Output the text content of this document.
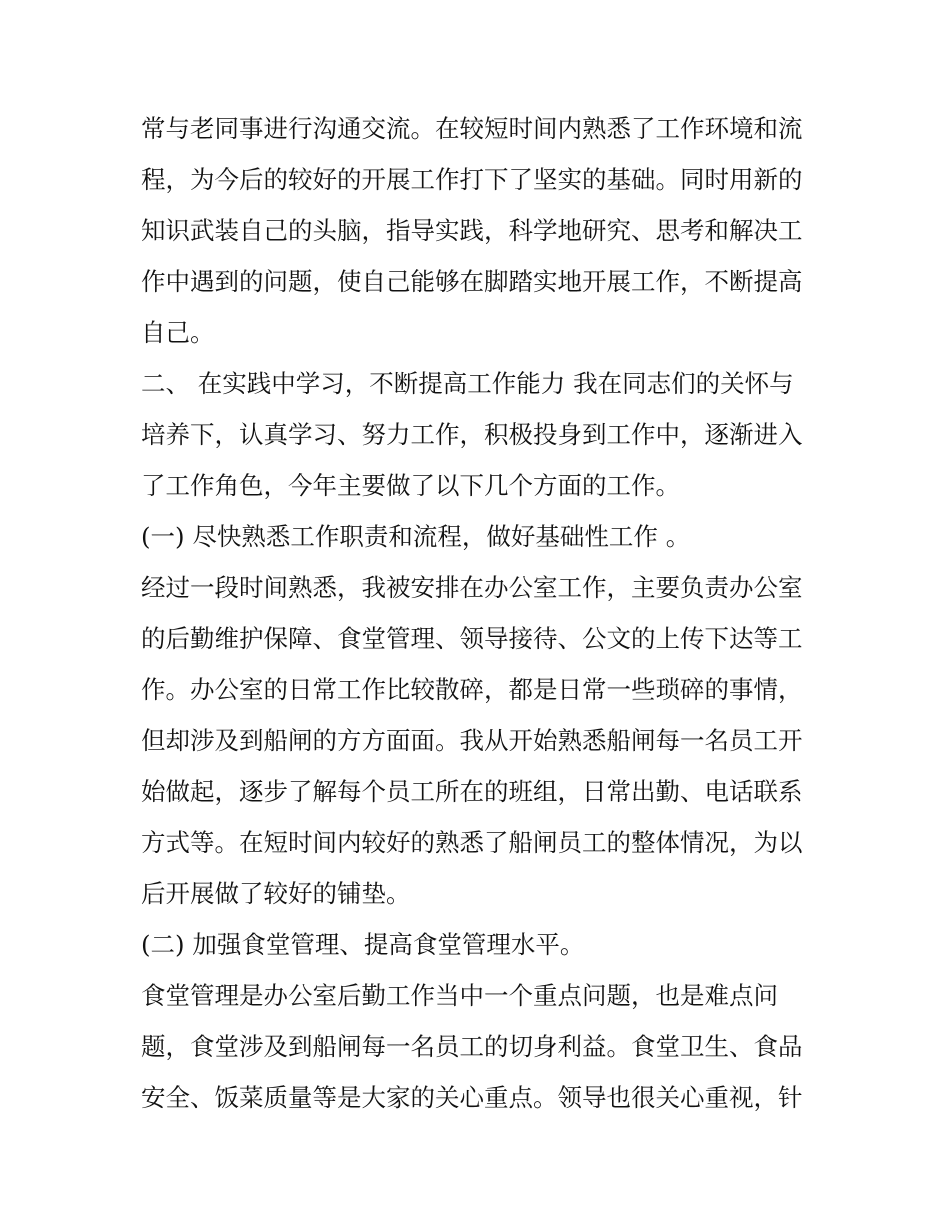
常与老同事进行沟通交流。在较短时间内熟悉了工作环境和流
程，为今后的较好的开展工作打下了坚实的基础。同时用新的
知识武装自己的头脑，指导实践，科学地研究、思考和解决工
作中遇到的问题，使自己能够在脚踏实地开展工作，不断提高
自己。
二、 在实践中学习，不断提高工作能力 我在同志们的关怀与
培养下，认真学习、努力工作，积极投身到工作中，逐渐进入
了工作角色，今年主要做了以下几个方面的工作。
(一) 尽快熟悉工作职责和流程，做好基础性工作 。
经过一段时间熟悉，我被安排在办公室工作，主要负责办公室
的后勤维护保障、食堂管理、领导接待、公文的上传下达等工
作。办公室的日常工作比较散碎，都是日常一些琐碎的事情，
但却涉及到船闸的方方面面。我从开始熟悉船闸每一名员工开
始做起，逐步了解每个员工所在的班组，日常出勤、电话联系
方式等。在短时间内较好的熟悉了船闸员工的整体情况，为以
后开展做了较好的铺垫。
(二) 加强食堂管理、提高食堂管理水平。
食堂管理是办公室后勤工作当中一个重点问题，也是难点问
题，食堂涉及到船闸每一名员工的切身利益。食堂卫生、食品
安全、饭菜质量等是大家的关心重点。领导也很关心重视，针
